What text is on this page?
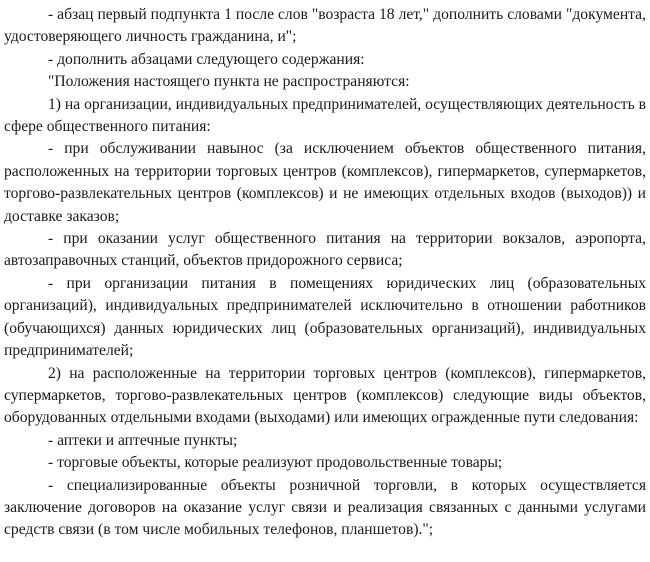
- абзац первый подпункта 1 после слов "возраста 18 лет," дополнить словами "документа, удостоверяющего личность гражданина, и";

- дополнить абзацами следующего содержания:

"Положения настоящего пункта не распространяются:

1) на организации, индивидуальных предпринимателей, осуществляющих деятельность в сфере общественного питания:

- при обслуживании навынос (за исключением объектов общественного питания, расположенных на территории торговых центров (комплексов), гипермаркетов, супермаркетов, торгово-развлекательных центров (комплексов) и не имеющих отдельных входов (выходов)) и доставке заказов;

- при оказании услуг общественного питания на территории вокзалов, аэропорта, автозаправочных станций, объектов придорожного сервиса;

- при организации питания в помещениях юридических лиц (образовательных организаций), индивидуальных предпринимателей исключительно в отношении работников (обучающихся) данных юридических лиц (образовательных организаций), индивидуальных предпринимателей;

2) на расположенные на территории торговых центров (комплексов), гипермаркетов, супермаркетов, торгово-развлекательных центров (комплексов) следующие виды объектов, оборудованных отдельными входами (выходами) или имеющих огражденные пути следования:

- аптеки и аптечные пункты;

- торговые объекты, которые реализуют продовольственные товары;

- специализированные объекты розничной торговли, в которых осуществляется заключение договоров на оказание услуг связи и реализация связанных с данными услугами средств связи (в том числе мобильных телефонов, планшетов).";
